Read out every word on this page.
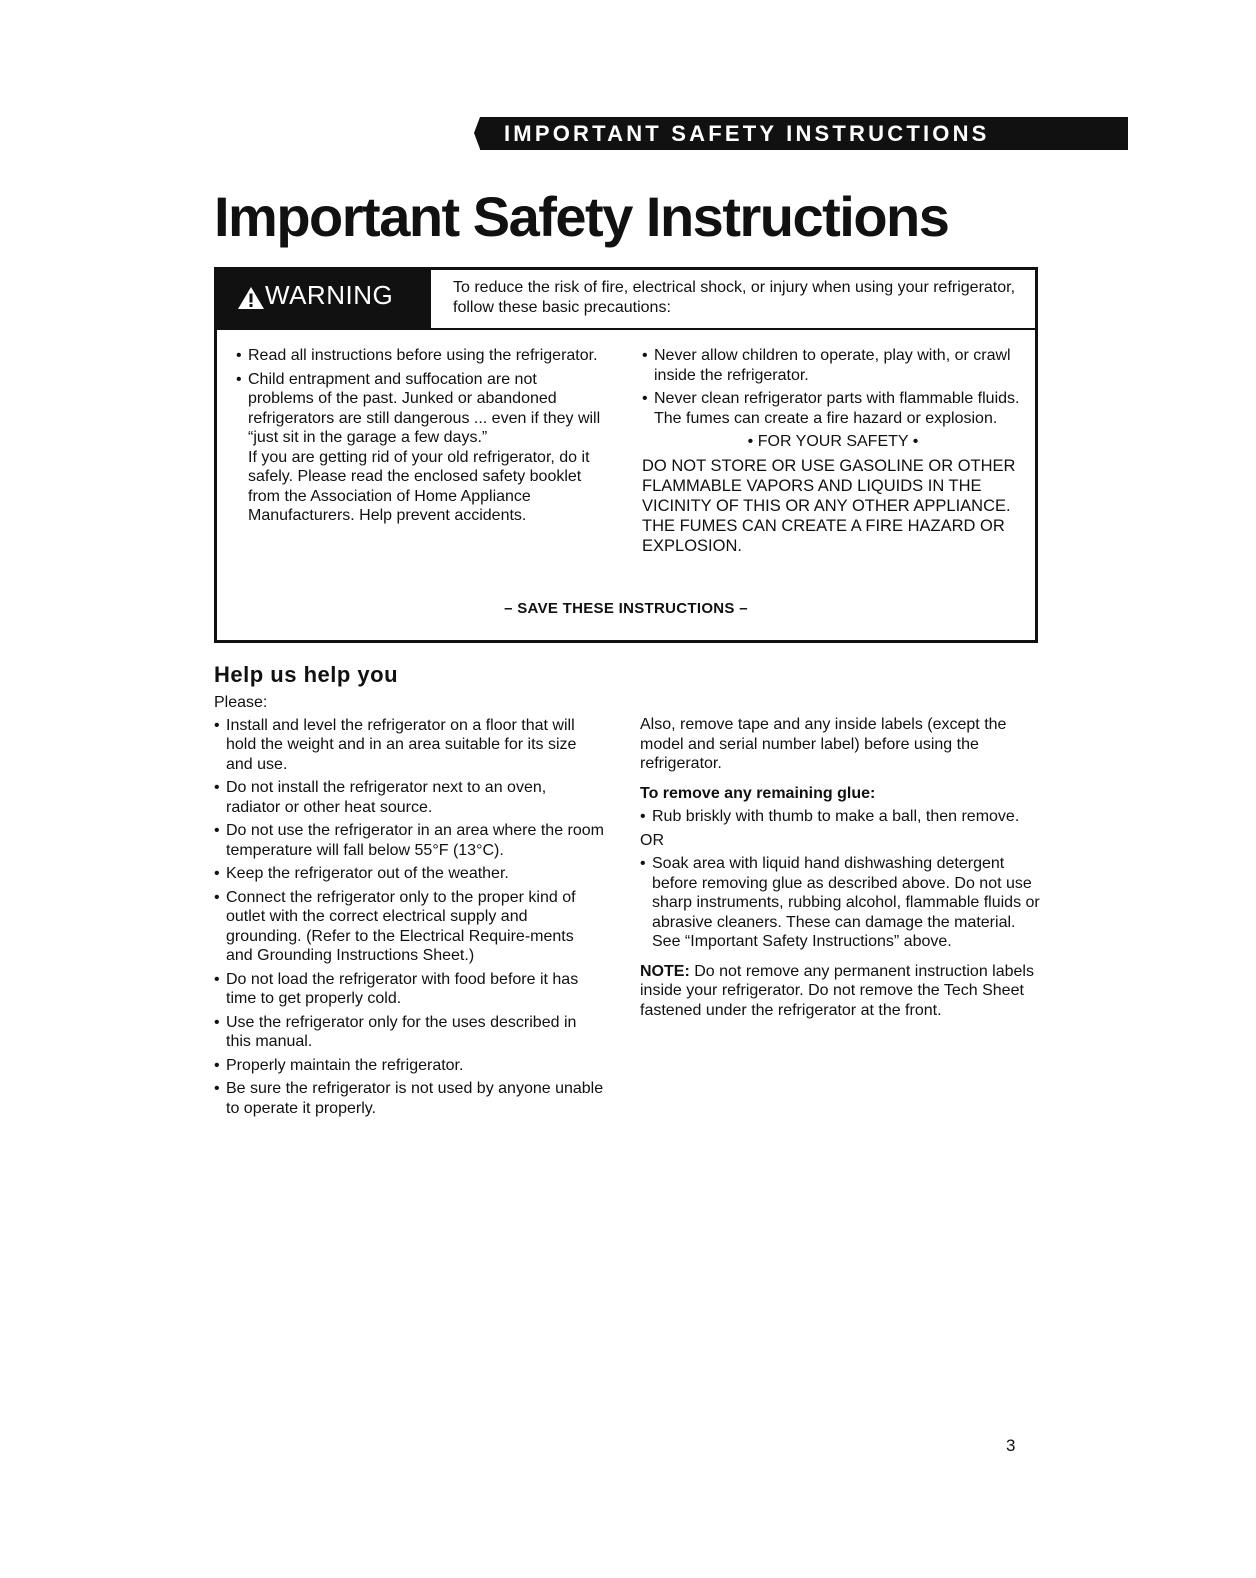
IMPORTANT SAFETY INSTRUCTIONS
Important Safety Instructions
WARNING	To reduce the risk of fire, electrical shock, or injury when using your refrigerator, follow these basic precautions:
• Read all instructions before using the refrigerator.
• Child entrapment and suffocation are not problems of the past. Junked or abandoned refrigerators are still dangerous ... even if they will “just sit in the garage a few days.”
If you are getting rid of your old refrigerator, do it safely. Please read the enclosed safety booklet from the Association of Home Appliance Manufacturers. Help prevent accidents.
• Never allow children to operate, play with, or crawl inside the refrigerator.
• Never clean refrigerator parts with flammable fluids. The fumes can create a fire hazard or explosion.
• FOR YOUR SAFETY •
DO NOT STORE OR USE GASOLINE OR OTHER FLAMMABLE VAPORS AND LIQUIDS IN THE VICINITY OF THIS OR ANY OTHER APPLIANCE. THE FUMES CAN CREATE A FIRE HAZARD OR EXPLOSION.
– SAVE THESE INSTRUCTIONS –
Help us help you
Please:
• Install and level the refrigerator on a floor that will hold the weight and in an area suitable for its size and use.
• Do not install the refrigerator next to an oven, radiator or other heat source.
• Do not use the refrigerator in an area where the room temperature will fall below 55°F (13°C).
• Keep the refrigerator out of the weather.
• Connect the refrigerator only to the proper kind of outlet with the correct electrical supply and grounding. (Refer to the Electrical Require-ments and Grounding Instructions Sheet.)
• Do not load the refrigerator with food before it has time to get properly cold.
• Use the refrigerator only for the uses described in this manual.
• Properly maintain the refrigerator.
• Be sure the refrigerator is not used by anyone unable to operate it properly.

Also, remove tape and any inside labels (except the model and serial number label) before using the refrigerator.

To remove any remaining glue:
• Rub briskly with thumb to make a ball, then remove.
OR
• Soak area with liquid hand dishwashing detergent before removing glue as described above. Do not use sharp instruments, rubbing alcohol, flammable fluids or abrasive cleaners. These can damage the material. See “Important Safety Instructions” above.

NOTE: Do not remove any permanent instruction labels inside your refrigerator. Do not remove the Tech Sheet fastened under the refrigerator at the front.

3
